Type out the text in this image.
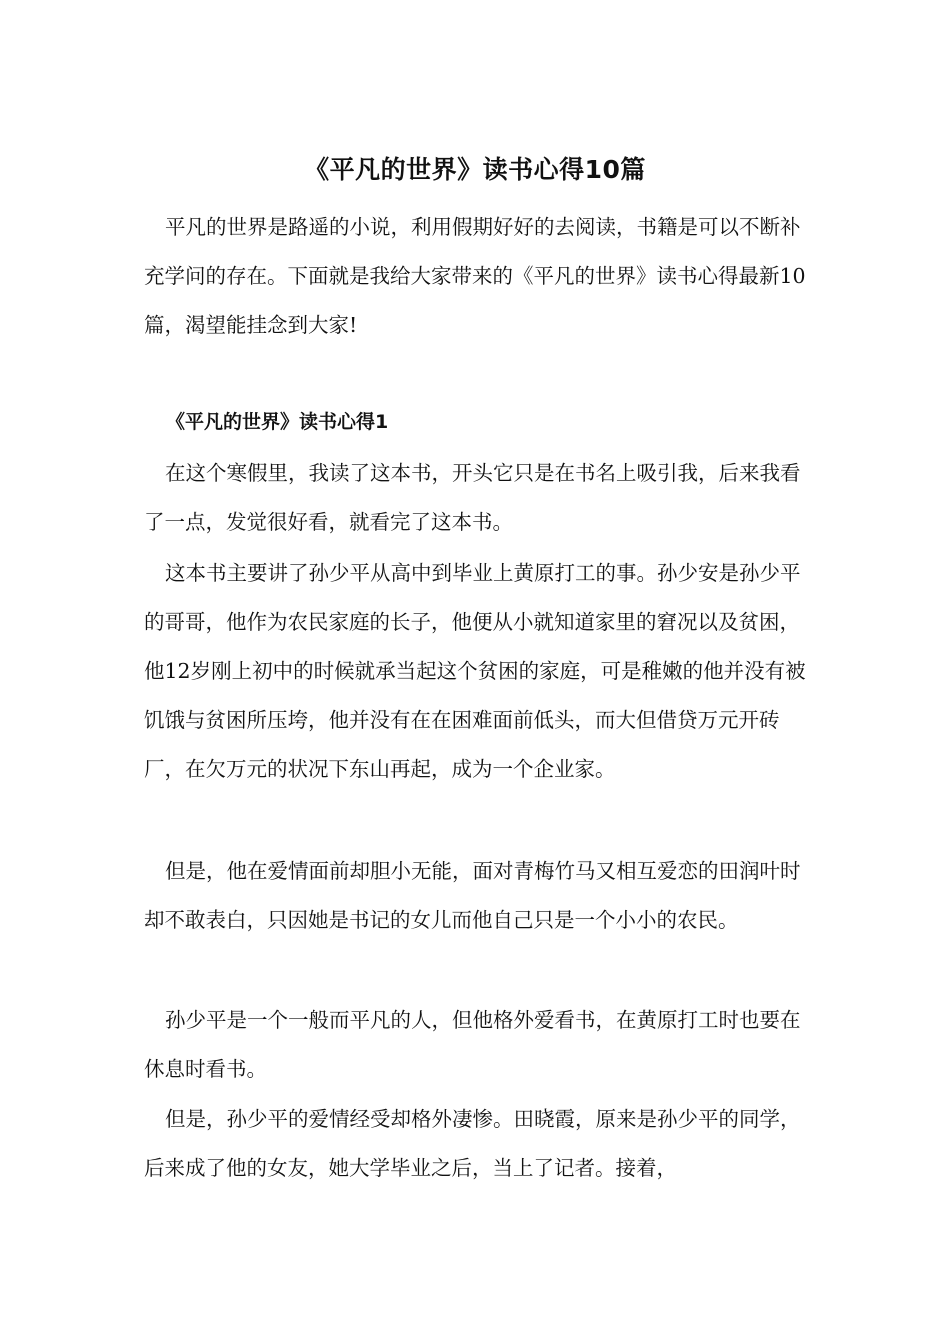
《平凡的世界》读书心得10篇

平凡的世界是路遥的小说，利用假期好好的去阅读，书籍是可以不断补充学问的存在。下面就是我给大家带来的《平凡的世界》读书心得最新10篇，渴望能挂念到大家!

《平凡的世界》读书心得1

在这个寒假里，我读了这本书，开头它只是在书名上吸引我，后来我看了一点，发觉很好看，就看完了这本书。

这本书主要讲了孙少平从高中到毕业上黄原打工的事。孙少安是孙少平的哥哥，他作为农民家庭的长子，他便从小就知道家里的窘况以及贫困，他12岁刚上初中的时候就承当起这个贫困的家庭，可是稚嫩的他并没有被饥饿与贫困所压垮，他并没有在在困难面前低头，而大但借贷万元开砖厂，在欠万元的状况下东山再起，成为一个企业家。

但是，他在爱情面前却胆小无能，面对青梅竹马又相互爱恋的田润叶时却不敢表白，只因她是书记的女儿而他自己只是一个小小的农民。

孙少平是一个一般而平凡的人，但他格外爱看书，在黄原打工时也要在休息时看书。

但是，孙少平的爱情经受却格外凄惨。田晓霞，原来是孙少平的同学，后来成了他的女友，她大学毕业之后，当上了记者。接着，
